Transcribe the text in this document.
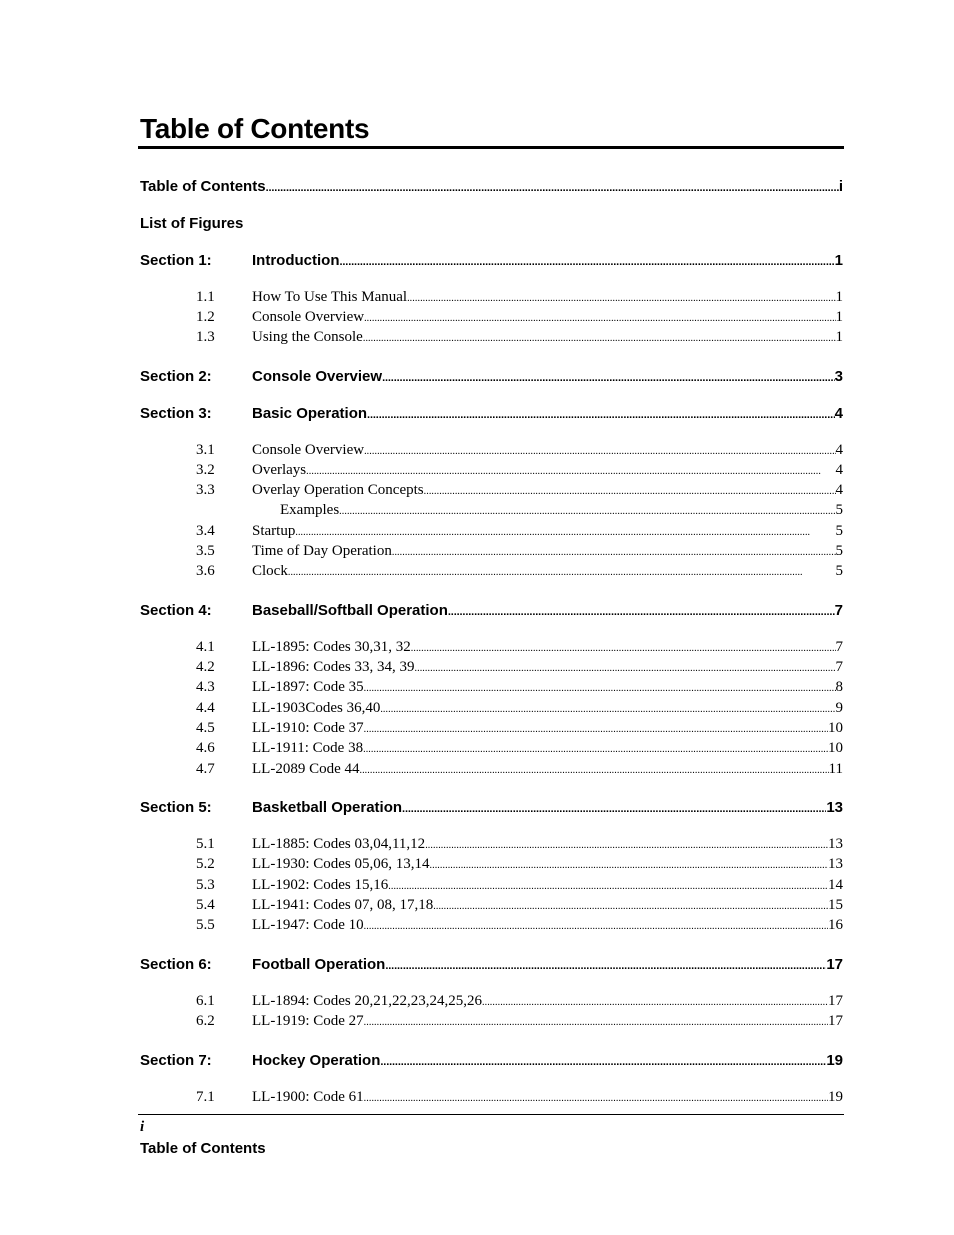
Table of Contents
Table of Contents . . .	i
List of Figures
Section 1:	Introduction . . .	1
1.1	How To Use This Manual . . .	1
1.2	Console Overview . . .	1
1.3	Using the Console . . .	1
Section 2:	Console Overview . . .	3
Section 3:	Basic Operation . . .	4
3.1	Console Overview . . .	4
3.2	Overlays . . .	4
3.3	Overlay Operation Concepts . . .	4
Examples . . .	5
3.4	Startup . . .	5
3.5	Time of Day Operation . . .	5
3.6	Clock . . .	5
Section 4:	Baseball/Softball Operation . . .	7
4.1	LL-1895: Codes 30,31, 32 . . .	7
4.2	LL-1896: Codes 33, 34, 39 . . .	7
4.3	LL-1897: Code 35 . . .	8
4.4	LL-1903Codes 36,40 . . .	9
4.5	LL-1910: Code 37 . . .	10
4.6	LL-1911: Code 38 . . .	10
4.7	LL-2089 Code 44 . . .	11
Section 5:	Basketball Operation . . .	13
5.1	LL-1885: Codes 03,04,11,12 . . .	13
5.2	LL-1930: Codes 05,06, 13,14 . . .	13
5.3	LL-1902: Codes 15,16 . . .	14
5.4	LL-1941: Codes 07, 08, 17,18 . . .	15
5.5	LL-1947: Code 10 . . .	16
Section 6:	Football Operation . . .	17
6.1	LL-1894: Codes 20,21,22,23,24,25,26 . . .	17
6.2	LL-1919: Code 27 . . .	17
Section 7:	Hockey Operation . . .	19
7.1	LL-1900: Code 61 . . .	19
i
Table of Contents
